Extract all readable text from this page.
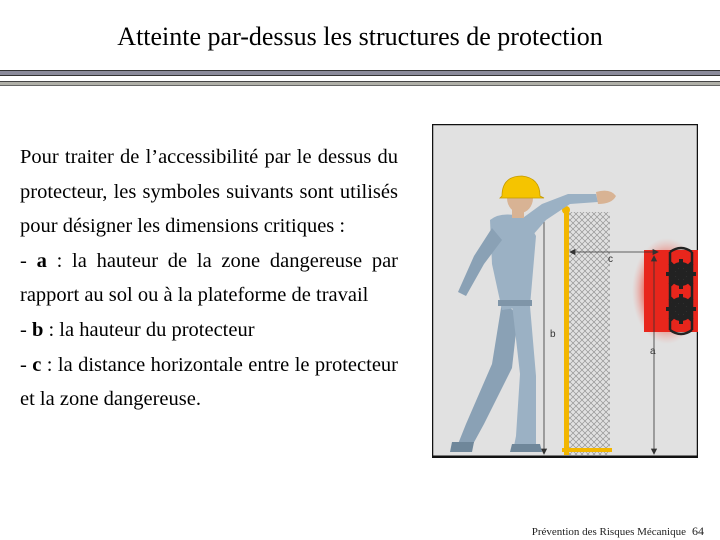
Atteinte par-dessus les structures de protection

Pour traiter de l’accessibilité par le dessus du protecteur, les symboles suivants sont utilisés pour désigner les dimensions critiques :

- a : la hauteur de la zone dangereuse par rapport au sol ou à la plateforme de travail

- b : la hauteur du protecteur

- c : la distance horizontale entre le protecteur et la zone dangereuse.

c
b
a
Prévention des Risques Mécanique 64
